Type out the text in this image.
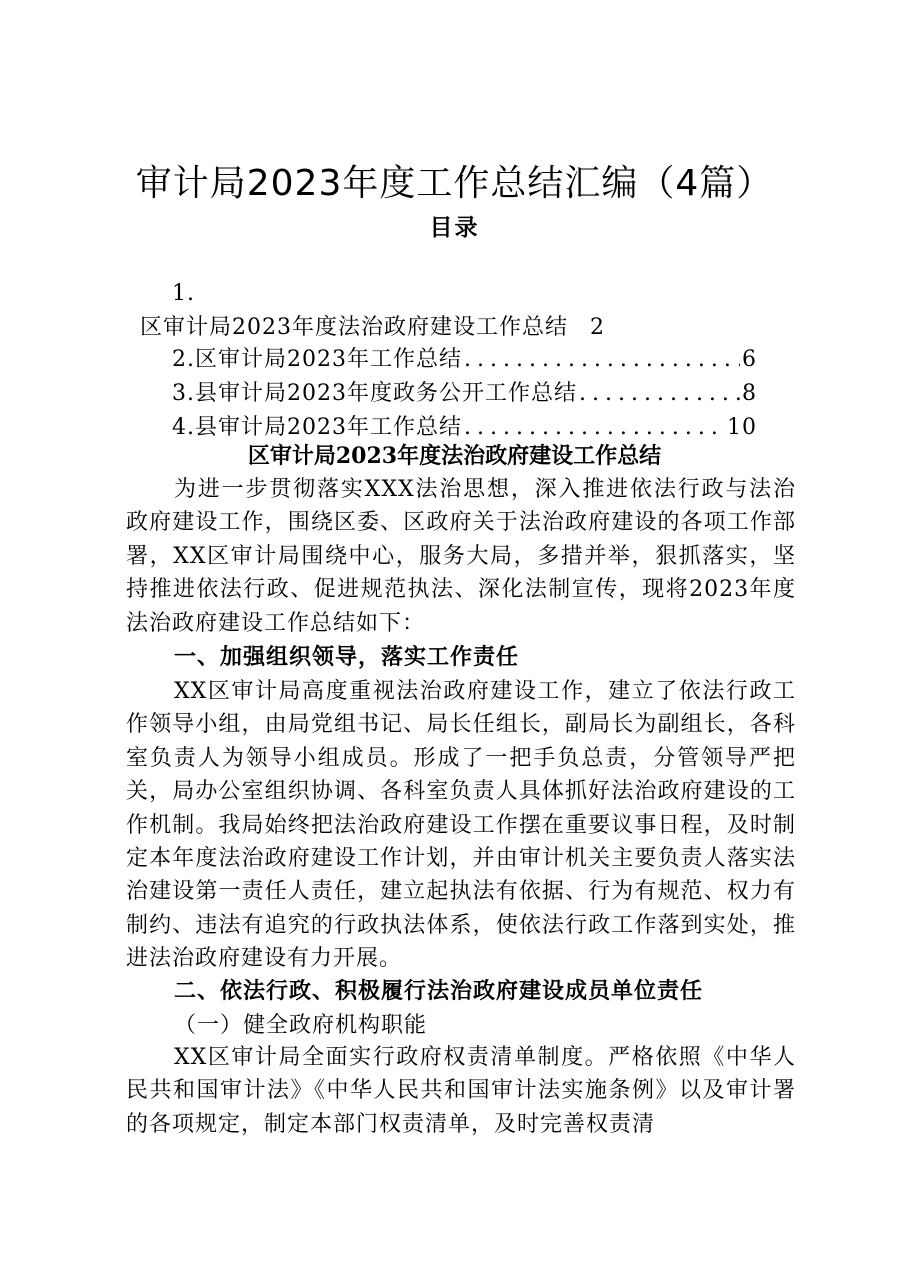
审计局2023年度工作总结汇编（4篇）
目录
1.
区审计局2023年度法治政府建设工作总结 2
2. 区审计局2023年工作总结 .....	6
3. 县审计局2023年度政务公开工作总结 .....	8
4. 县审计局2023年工作总结 .....	10
区审计局2023年度法治政府建设工作总结
为进一步贯彻落实XXX法治思想，深入推进依法行政与法治政府建设工作，围绕区委、区政府关于法治政府建设的各项工作部署，XX区审计局围绕中心，服务大局，多措并举，狠抓落实，坚持推进依法行政、促进规范执法、深化法制宣传，现将2023年度法治政府建设工作总结如下：
一、加强组织领导，落实工作责任
XX区审计局高度重视法治政府建设工作，建立了依法行政工作领导小组，由局党组书记、局长任组长，副局长为副组长，各科室负责人为领导小组成员。形成了一把手负总责，分管领导严把关，局办公室组织协调、各科室负责人具体抓好法治政府建设的工作机制。我局始终把法治政府建设工作摆在重要议事日程，及时制定本年度法治政府建设工作计划，并由审计机关主要负责人落实法治建设第一责任人责任，建立起执法有依据、行为有规范、权力有制约、违法有追究的行政执法体系，使依法行政工作落到实处，推进法治政府建设有力开展。
二、依法行政、积极履行法治政府建设成员单位责任
（一）健全政府机构职能
XX区审计局全面实行政府权责清单制度。严格依照《中华人民共和国审计法》《中华人民共和国审计法实施条例》以及审计署的各项规定，制定本部门权责清单，及时完善权责清
